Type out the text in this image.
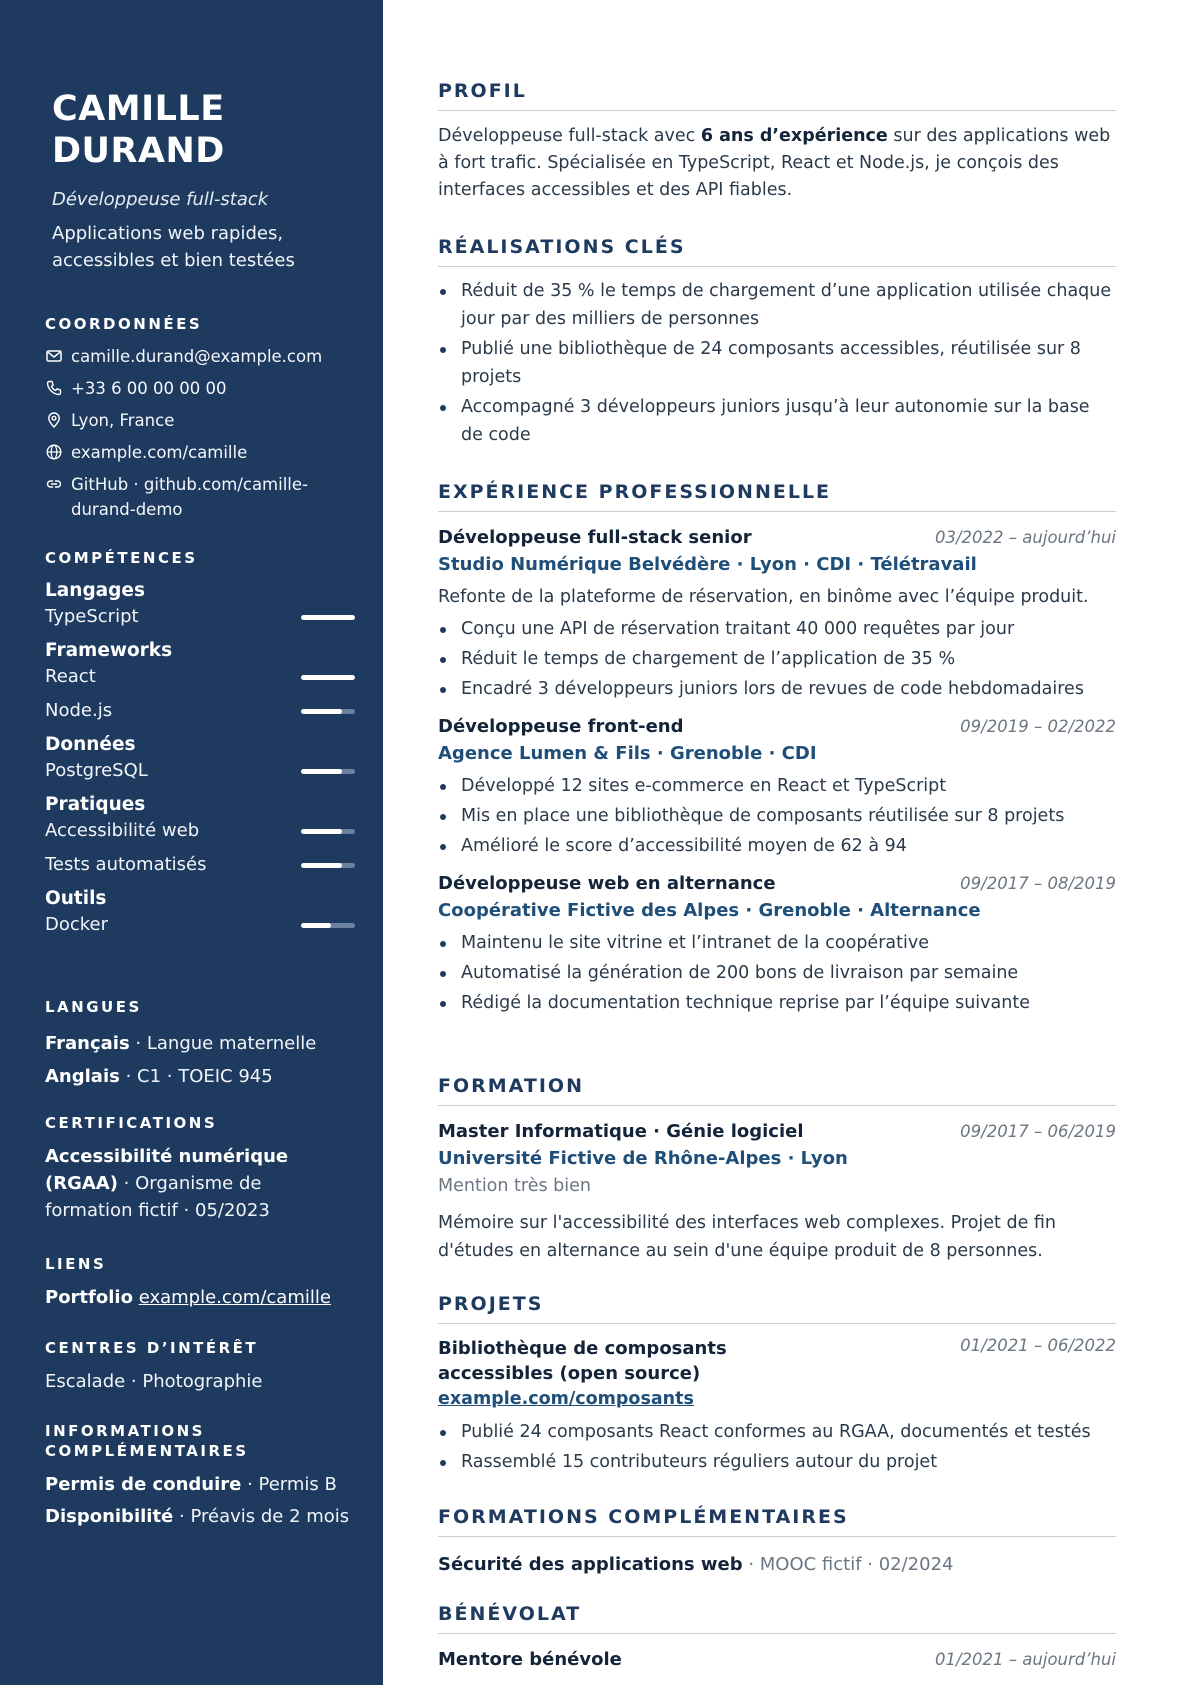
CAMILLE
DURAND
Développeuse full-stack
Applications web rapides, accessibles et bien testées
COORDONNÉES
camille.durand@example.com
+33 6 00 00 00 00
Lyon, France
example.com/camille
GitHub · github.com/camille-durand-demo
COMPÉTENCES
Langages
TypeScript
Frameworks
React
Node.js
Données
PostgreSQL
Pratiques
Accessibilité web
Tests automatisés
Outils
Docker
LANGUES
Français · Langue maternelle
Anglais · C1 · TOEIC 945
CERTIFICATIONS
Accessibilité numérique (RGAA) · Organisme de formation fictif · 05/2023
LIENS
Portfolio example.com/camille
CENTRES D’INTÉRÊT
Escalade · Photographie
INFORMATIONS
COMPLÉMENTAIRES
Permis de conduire · Permis B
Disponibilité · Préavis de 2 mois
PROFIL

Développeuse full-stack avec 6 ans d’expérience sur des applications web à fort trafic. Spécialisée en TypeScript, React et Node.js, je conçois des interfaces accessibles et des API fiables.

RÉALISATIONS CLÉS
Réduit de 35 % le temps de chargement d’une application utilisée chaque jour par des milliers de personnes
Publié une bibliothèque de 24 composants accessibles, réutilisée sur 8 projets
Accompagné 3 développeurs juniors jusqu’à leur autonomie sur la base de code
EXPÉRIENCE PROFESSIONNELLE
Développeuse full-stack senior	03/2022 – aujourd’hui
Studio Numérique Belvédère · Lyon · CDI · Télétravail
Refonte de la plateforme de réservation, en binôme avec l’équipe produit.
Conçu une API de réservation traitant 40 000 requêtes par jour
Réduit le temps de chargement de l’application de 35 %
Encadré 3 développeurs juniors lors de revues de code hebdomadaires
Développeuse front-end	09/2019 – 02/2022
Agence Lumen & Fils · Grenoble · CDI
Développé 12 sites e-commerce en React et TypeScript
Mis en place une bibliothèque de composants réutilisée sur 8 projets
Amélioré le score d’accessibilité moyen de 62 à 94
Développeuse web en alternance	09/2017 – 08/2019
Coopérative Fictive des Alpes · Grenoble · Alternance
Maintenu le site vitrine et l’intranet de la coopérative
Automatisé la génération de 200 bons de livraison par semaine
Rédigé la documentation technique reprise par l’équipe suivante
FORMATION
Master Informatique · Génie logiciel	09/2017 – 06/2019
Université Fictive de Rhône-Alpes · Lyon
Mention très bien
Mémoire sur l'accessibilité des interfaces web complexes. Projet de fin d'études en alternance au sein d'une équipe produit de 8 personnes.
PROJETS
Bibliothèque de composants
accessibles (open source)
01/2021 – 06/2022
example.com/composants
Publié 24 composants React conformes au RGAA, documentés et testés
Rassemblé 15 contributeurs réguliers autour du projet
FORMATIONS COMPLÉMENTAIRES
Sécurité des applications web · MOOC fictif · 02/2024
BÉNÉVOLAT
Mentore bénévole	01/2021 – aujourd’hui
